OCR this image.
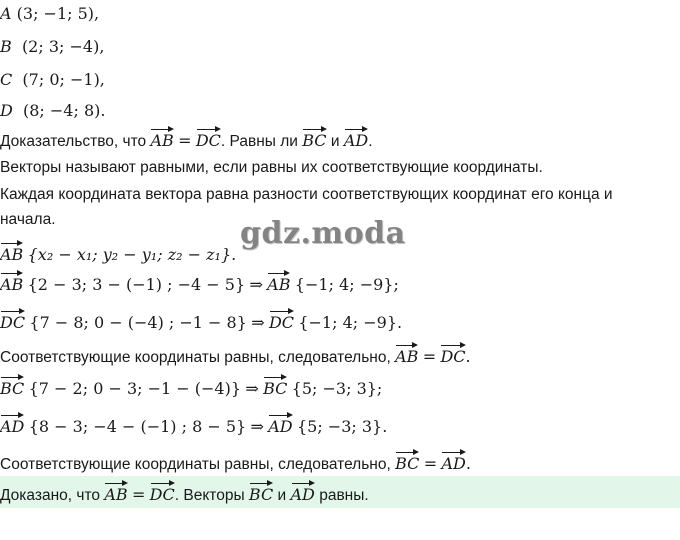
A (3; −1; 5),
B (2; 3; −4),
C (7; 0; −1),
D (8; −4; 8).
Доказательство, что AB = DC. Равны ли BC и AD.
Векторы называют равными, если равны их соответствующие координаты.
Каждая координата вектора равна разности соответствующих координат его конца и
начала.	gdz.moda
AB {x₂ − x₁; y₂ − y₁; z₂ − z₁}.
AB {2 − 3; 3 − (−1) ; −4 − 5} ⇒ AB {−1; 4; −9};
DC {7 − 8; 0 − (−4) ; −1 − 8} ⇒ DC {−1; 4; −9}.
Соответствующие координаты равны, следовательно, AB = DC.
BC {7 − 2; 0 − 3; −1 − (−4)} ⇒ BC {5; −3; 3};
AD {8 − 3; −4 − (−1) ; 8 − 5} ⇒ AD {5; −3; 3}.
Соответствующие координаты равны, следовательно, BC = AD.
Доказано, что AB = DC. Векторы BC и AD равны.
